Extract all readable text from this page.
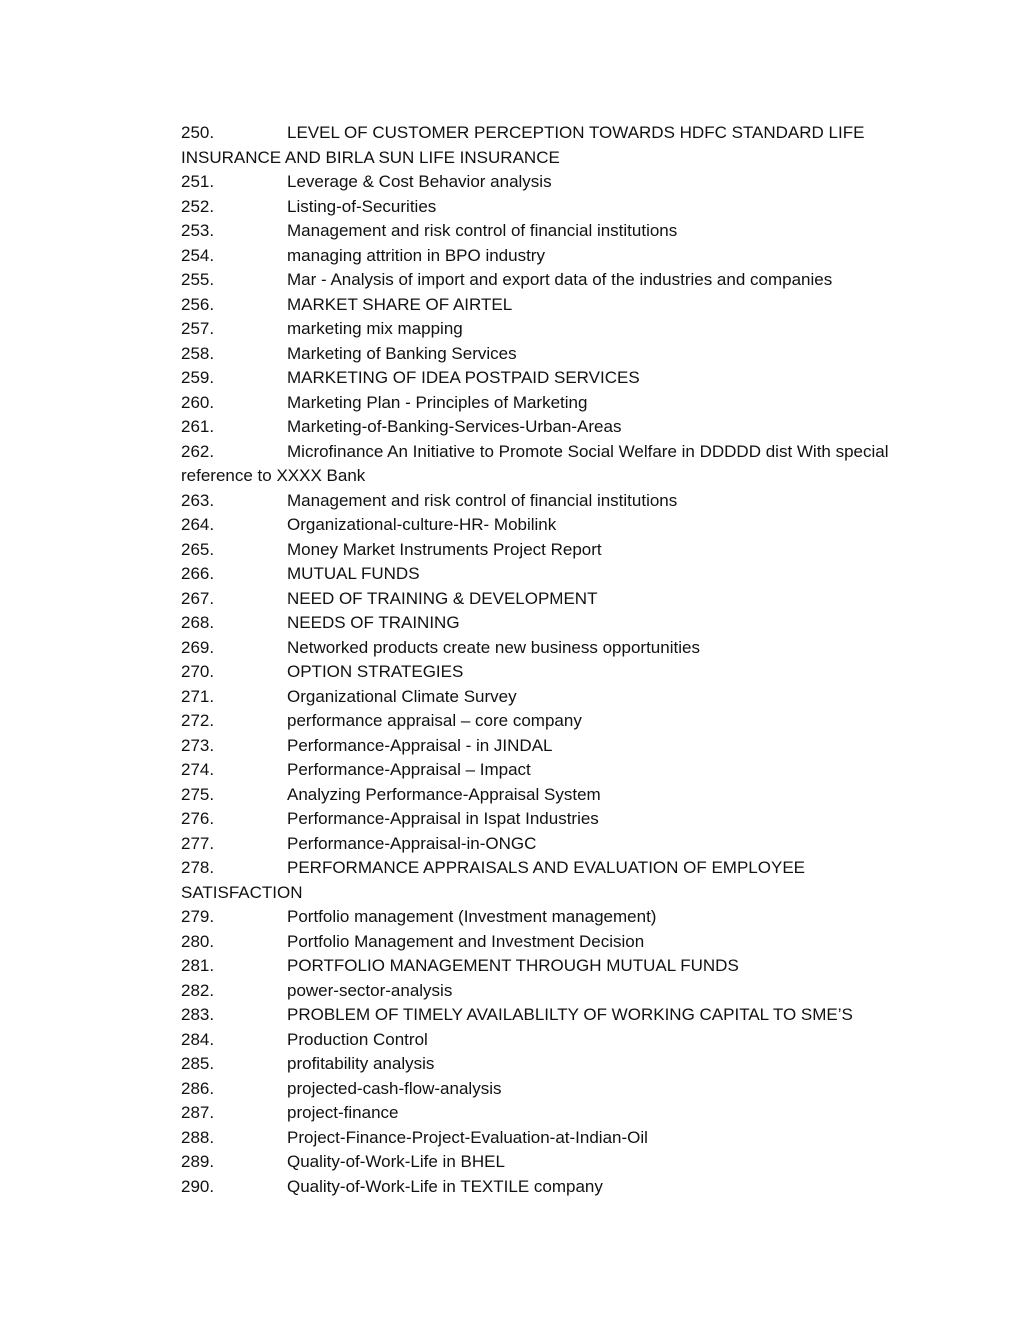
250.	LEVEL OF CUSTOMER PERCEPTION TOWARDS HDFC STANDARD LIFE INSURANCE AND BIRLA SUN LIFE INSURANCE
251.	Leverage & Cost Behavior analysis
252.	Listing-of-Securities
253.	Management and risk control of financial institutions
254.	managing attrition in BPO industry
255.	Mar - Analysis of import and export data of the industries and companies
256.	MARKET SHARE OF AIRTEL
257.	marketing mix mapping
258.	Marketing of Banking Services
259.	MARKETING OF IDEA POSTPAID SERVICES
260.	Marketing Plan - Principles of Marketing
261.	Marketing-of-Banking-Services-Urban-Areas
262.	Microfinance An Initiative to Promote Social Welfare in DDDDD dist With special reference to XXXX Bank
263.	Management and risk control of financial institutions
264.	Organizational-culture-HR- Mobilink
265.	Money Market Instruments Project Report
266.	MUTUAL FUNDS
267.	NEED OF TRAINING & DEVELOPMENT
268.	NEEDS OF TRAINING
269.	Networked products create new business opportunities
270.	OPTION STRATEGIES
271.	Organizational Climate Survey
272.	performance appraisal – core company
273.	Performance-Appraisal - in JINDAL
274.	Performance-Appraisal – Impact
275.	Analyzing Performance-Appraisal System
276.	Performance-Appraisal in Ispat Industries
277.	Performance-Appraisal-in-ONGC
278.	PERFORMANCE APPRAISALS AND EVALUATION OF EMPLOYEE SATISFACTION
279.	Portfolio management (Investment management)
280.	Portfolio Management and Investment Decision
281.	PORTFOLIO MANAGEMENT THROUGH MUTUAL FUNDS
282.	power-sector-analysis
283.	PROBLEM OF TIMELY AVAILABLILTY OF WORKING CAPITAL TO SME’S
284.	Production Control
285.	profitability analysis
286.	projected-cash-flow-analysis
287.	project-finance
288.	Project-Finance-Project-Evaluation-at-Indian-Oil
289.	Quality-of-Work-Life in BHEL
290.	Quality-of-Work-Life in TEXTILE company
